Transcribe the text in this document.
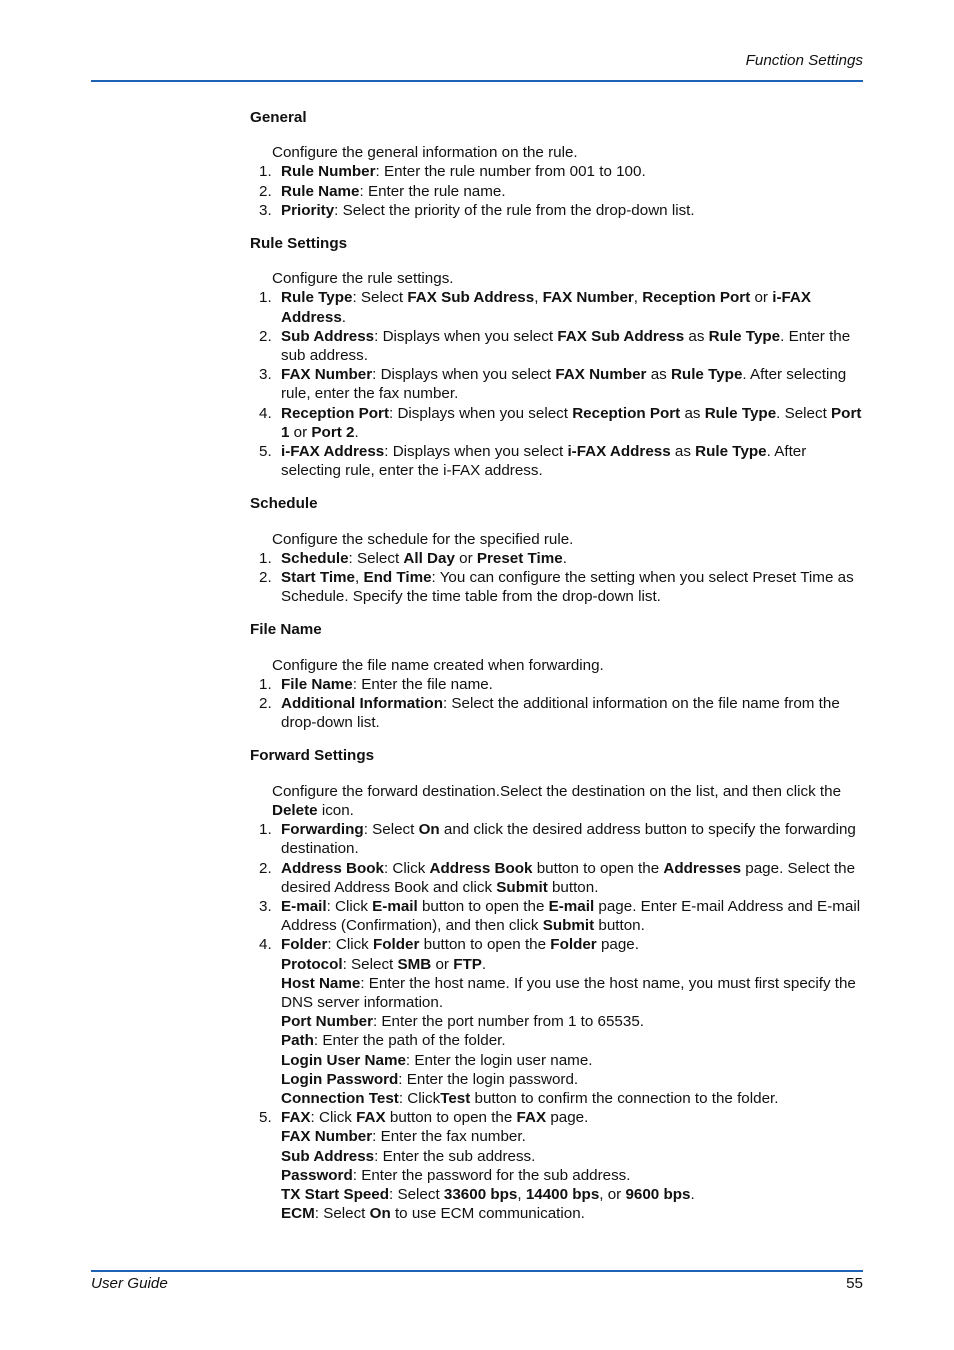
Function Settings
General

Configure the general information on the rule.

1. Rule Number: Enter the rule number from 001 to 100.
2. Rule Name: Enter the rule name.
3. Priority: Select the priority of the rule from the drop-down list.
Rule Settings

Configure the rule settings.

1. Rule Type: Select FAX Sub Address, FAX Number, Reception Port or i-FAX Address.
2. Sub Address: Displays when you select FAX Sub Address as Rule Type. Enter the sub address.
3. FAX Number: Displays when you select FAX Number as Rule Type. After selecting rule, enter the fax number.
4. Reception Port: Displays when you select Reception Port as Rule Type. Select Port 1 or Port 2.
5. i-FAX Address: Displays when you select i-FAX Address as Rule Type. After selecting rule, enter the i-FAX address.
Schedule

Configure the schedule for the specified rule.

1. Schedule: Select All Day or Preset Time.
2. Start Time, End Time: You can configure the setting when you select Preset Time as Schedule. Specify the time table from the drop-down list.
File Name

Configure the file name created when forwarding.

1. File Name: Enter the file name.
2. Additional Information: Select the additional information on the file name from the drop-down list.
Forward Settings

Configure the forward destination.Select the destination on the list, and then click the Delete icon.

1. Forwarding: Select On and click the desired address button to specify the forwarding destination.
2. Address Book: Click Address Book button to open the Addresses page. Select the desired Address Book and click Submit button.
3. E-mail: Click E-mail button to open the E-mail page. Enter E-mail Address and E-mail Address (Confirmation), and then click Submit button.
4. Folder: Click Folder button to open the Folder page.
Protocol: Select SMB or FTP.
Host Name: Enter the host name. If you use the host name, you must first specify the DNS server information.
Port Number: Enter the port number from 1 to 65535.
Path: Enter the path of the folder.
Login User Name: Enter the login user name.
Login Password: Enter the login password.
Connection Test: ClickTest button to confirm the connection to the folder.
5. FAX: Click FAX button to open the FAX page.
FAX Number: Enter the fax number.
Sub Address: Enter the sub address.
Password: Enter the password for the sub address.
TX Start Speed: Select 33600 bps, 14400 bps, or 9600 bps.
ECM: Select On to use ECM communication.
User Guide	55
